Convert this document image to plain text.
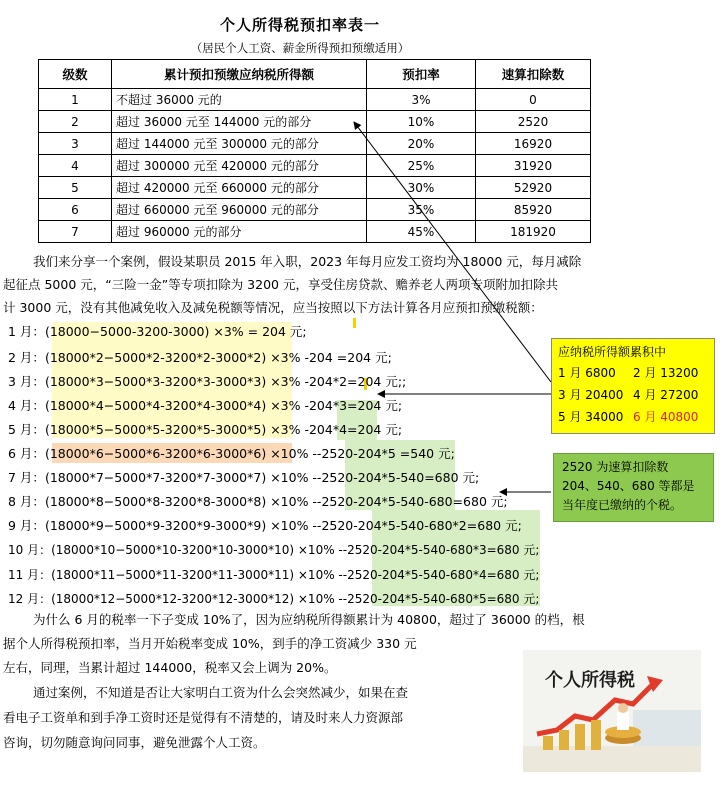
个人所得税预扣率表一
（居民个人工资、薪金所得预扣预缴适用）
级数	累计预扣预缴应纳税所得额	预扣率	速算扣除数
1	不超过 36000 元的	3%	0
2	超过 36000 元至 144000 元的部分	10%	2520
3	超过 144000 元至 300000 元的部分	20%	16920
4	超过 300000 元至 420000 元的部分	25%	31920
5	超过 420000 元至 660000 元的部分	30%	52920
6	超过 660000 元至 960000 元的部分	35%	85920
7	超过 960000 元的部分	45%	181920
我们来分享一个案例，假设某职员 2015 年入职，2023 年每月应发工资均为 18000 元，每月减除
起征点 5000 元，“三险一金”等专项扣除为 3200 元，享受住房贷款、赡养老人两项专项附加扣除共
计 3000 元，没有其他减免收入及减免税额等情况，应当按照以下方法计算各月应预扣预缴税额：
1 月：(18000−5000-3200-3000) ×3% = 204 元;
2 月：(18000*2−5000*2-3200*2-3000*2) ×3% -204 =204 元;
3 月：(18000*3−5000*3-3200*3-3000*3) ×3% -204*2=204 元;;
4 月：(18000*4−5000*4-3200*4-3000*4) ×3% -204*3=204 元;
5 月：(18000*5−5000*5-3200*5-3000*5) ×3% -204*4=204 元;
6 月：(18000*6−5000*6-3200*6-3000*6) ×10% --2520-204*5 =540 元;
7 月：(18000*7−5000*7-3200*7-3000*7) ×10% --2520-204*5-540=680 元;
8 月：(18000*8−5000*8-3200*8-3000*8) ×10% --2520-204*5-540-680=680 元;
9 月：(18000*9−5000*9-3200*9-3000*9) ×10% --2520-204*5-540-680*2=680 元;
10 月：(18000*10−5000*10-3200*10-3000*10) ×10% --2520-204*5-540-680*3=680 元;
11 月：(18000*11−5000*11-3200*11-3000*11) ×10% --2520-204*5-540-680*4=680 元;
12 月：(18000*12−5000*12-3200*12-3000*12) ×10% --2520-204*5-540-680*5=680 元;
应纳税所得额累积中
1 月 6800	2 月 13200
3 月 20400 4 月 27200
5 月 34000 6 月 40800
2520 为速算扣除数
204、540、680 等都是
当年度已缴纳的个税。
为什么 6 月的税率一下子变成 10%了，因为应纳税所得额累计为 40800，超过了 36000 的档，根
据个人所得税预扣率，当月开始税率变成 10%，到手的净工资减少 330 元
左右，同理，当累计超过 144000，税率又会上调为 20%。
通过案例，不知道是否让大家明白工资为什么会突然减少，如果在查
看电子工资单和到手净工资时还是觉得有不清楚的，请及时来人力资源部
咨询，切勿随意询问同事，避免泄露个人工资。
个人所得税
